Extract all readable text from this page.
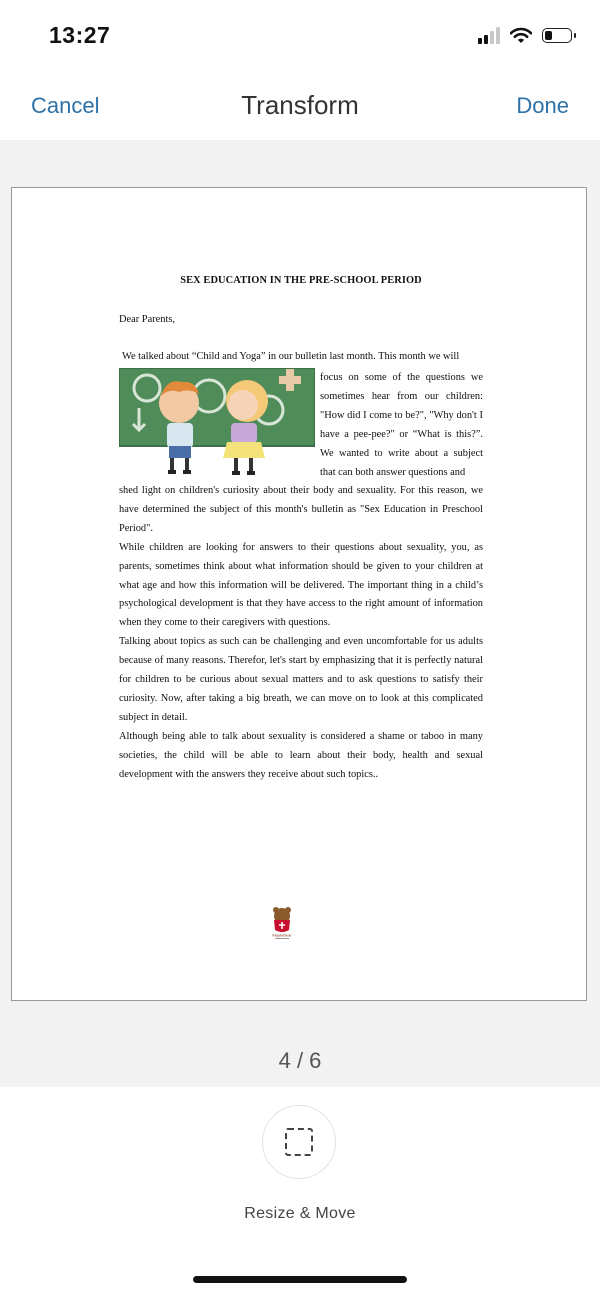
13:27
Cancel	Transform	Done
SEX EDUCATION IN THE PRE-SCHOOL PERIOD
Dear Parents,
We talked about “Child and Yoga” in our bulletin last month. This month we will
focus on some of the questions we sometimes hear from our children: "How did I come to be?", "Why don't I have a pee-pee?" or “What is this?”. We wanted to write about a subject that can both answer questions and

shed light on children's curiosity about their body and sexuality. For this reason, we have determined the subject of this month's bulletin as "Sex Education in Preschool Period".

While children are looking for answers to their questions about sexuality, you, as parents, sometimes think about what information should be given to your children at what age and how this information will be delivered. The important thing in a child’s psychological development is that they have access to the right amount of information when they come to their caregivers with questions.

Talking about topics as such can be challenging and even uncomfortable for us adults because of many reasons. Therefor, let's start by emphasizing that it is perfectly natural for children to be curious about sexual matters and to ask questions to satisfy their curiosity. Now, after taking a big breath, we can move on to look at this complicated subject in detail.

Although being able to talk about sexuality is considered a shame or taboo in many societies, the child will be able to learn about their body, health and sexual development with the answers they receive about such topics..

MapleBear
4 / 6
Resize & Move
